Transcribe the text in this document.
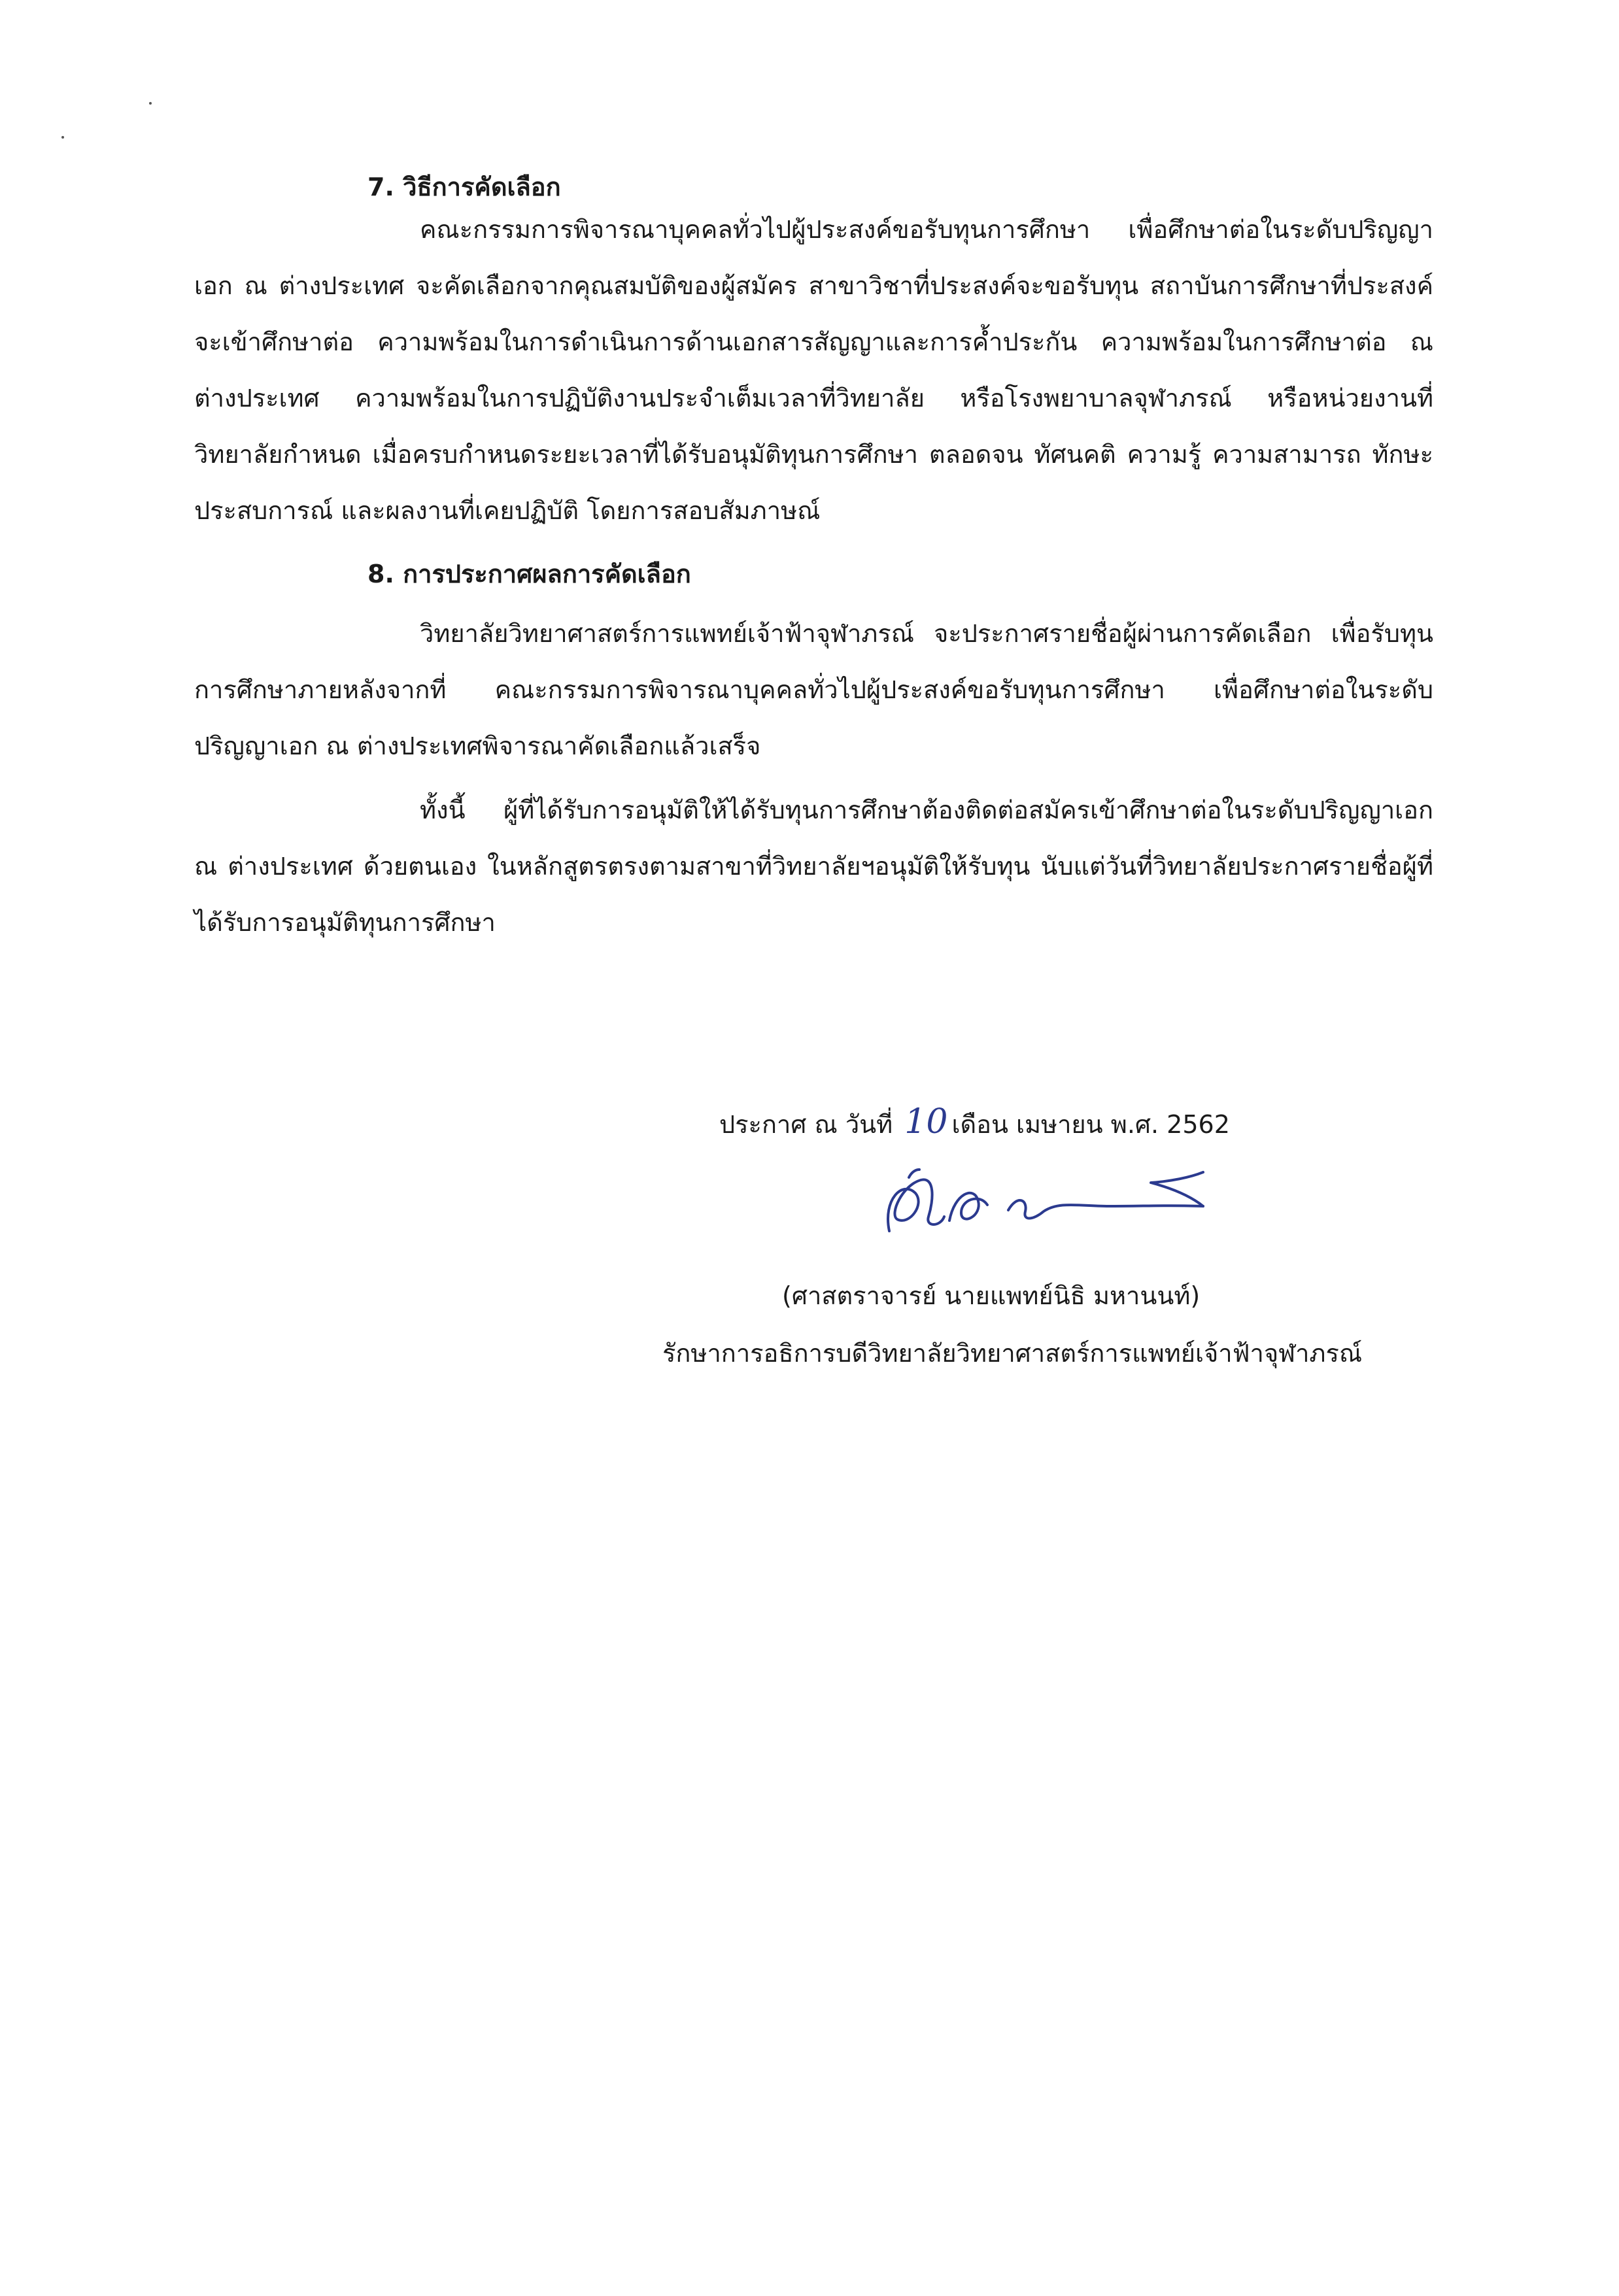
7. วิธีการคัดเลือก

คณะกรรมการพิจารณาบุคคลทั่วไปผู้ประสงค์ขอรับทุนการศึกษา เพื่อศึกษาต่อในระดับปริญญาเอก ณ ต่างประเทศ จะคัดเลือกจากคุณสมบัติของผู้สมัคร สาขาวิชาที่ประสงค์จะขอรับทุน สถาบันการศึกษาที่ประสงค์จะเข้าศึกษาต่อ ความพร้อมในการดำเนินการด้านเอกสารสัญญาและการค้ำประกัน ความพร้อมในการศึกษาต่อ ณ ต่างประเทศ ความพร้อมในการปฏิบัติงานประจำเต็มเวลาที่วิทยาลัย หรือโรงพยาบาลจุฬาภรณ์ หรือหน่วยงานที่วิทยาลัยกำหนด เมื่อครบกำหนดระยะเวลาที่ได้รับอนุมัติทุนการศึกษา ตลอดจน ทัศนคติ ความรู้ ความสามารถ ทักษะ ประสบการณ์ และผลงานที่เคยปฏิบัติ โดยการสอบสัมภาษณ์

8. การประกาศผลการคัดเลือก

วิทยาลัยวิทยาศาสตร์การแพทย์เจ้าฟ้าจุฬาภรณ์ จะประกาศรายชื่อผู้ผ่านการคัดเลือก เพื่อรับทุนการศึกษาภายหลังจากที่ คณะกรรมการพิจารณาบุคคลทั่วไปผู้ประสงค์ขอรับทุนการศึกษา เพื่อศึกษาต่อในระดับปริญญาเอก ณ ต่างประเทศพิจารณาคัดเลือกแล้วเสร็จ

ทั้งนี้ ผู้ที่ได้รับการอนุมัติให้ได้รับทุนการศึกษาต้องติดต่อสมัครเข้าศึกษาต่อในระดับปริญญาเอก ณ ต่างประเทศ ด้วยตนเอง ในหลักสูตรตรงตามสาขาที่วิทยาลัยฯอนุมัติให้รับทุน นับแต่วันที่วิทยาลัยประกาศรายชื่อผู้ที่ได้รับการอนุมัติทุนการศึกษา

ประกาศ ณ วันที่ 10 เดือน เมษายน พ.ศ. 2562
(ศาสตราจารย์ นายแพทย์นิธิ มหานนท์)
รักษาการอธิการบดีวิทยาลัยวิทยาศาสตร์การแพทย์เจ้าฟ้าจุฬาภรณ์
